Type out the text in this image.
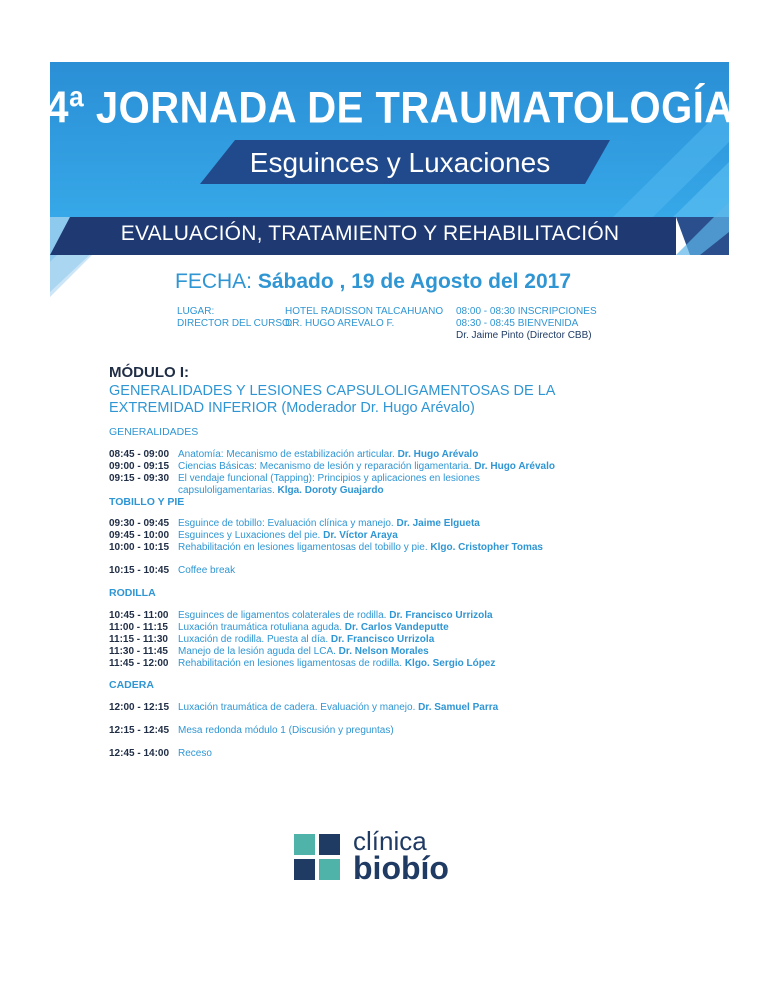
4ª JORNADA DE TRAUMATOLOGÍA
Esguinces y Luxaciones
EVALUACIÓN, TRATAMIENTO Y REHABILITACIÓN
FECHA: Sábado , 19 de Agosto del 2017
LUGAR:	HOTEL RADISSON TALCAHUANO
DIRECTOR DEL CURSO:
DR. HUGO AREVALO F.
08:00 - 08:30 INSCRIPCIONES
08:30 - 08:45 BIENVENIDA
Dr. Jaime Pinto (Director CBB)
MÓDULO I:
GENERALIDADES Y LESIONES CAPSULOLIGAMENTOSAS DE LA EXTREMIDAD INFERIOR (Moderador Dr. Hugo Arévalo)
GENERALIDADES
08:45 - 09:00 Anatomía: Mecanismo de estabilización articular. Dr. Hugo Arévalo
09:00 - 09:15 Ciencias Básicas: Mecanismo de lesión y reparación ligamentaria. Dr. Hugo Arévalo
09:15 - 09:30 El vendaje funcional (Tapping): Principios y aplicaciones en lesiones
capsuloligamentarias. Klga. Doroty Guajardo
TOBILLO Y PIE
09:30 - 09:45 Esguince de tobillo: Evaluación clínica y manejo. Dr. Jaime Elgueta
09:45 - 10:00 Esguinces y Luxaciones del pie. Dr. Víctor Araya
10:00 - 10:15 Rehabilitación en lesiones ligamentosas del tobillo y pie. Klgo. Cristopher Tomas
10:15 - 10:45 Coffee break
RODILLA
10:45 - 11:00 Esguinces de ligamentos colaterales de rodilla. Dr. Francisco Urrizola
11:00 - 11:15 Luxación traumática rotuliana aguda. Dr. Carlos Vandeputte
11:15 - 11:30 Luxación de rodilla. Puesta al día. Dr. Francisco Urrizola
11:30 - 11:45 Manejo de la lesión aguda del LCA. Dr. Nelson Morales
11:45 - 12:00 Rehabilitación en lesiones ligamentosas de rodilla. Klgo. Sergio López
CADERA
12:00 - 12:15 Luxación traumática de cadera. Evaluación y manejo. Dr. Samuel Parra
12:15 - 12:45 Mesa redonda módulo 1 (Discusión y preguntas)
12:45 - 14:00 Receso
clínica
biobío
